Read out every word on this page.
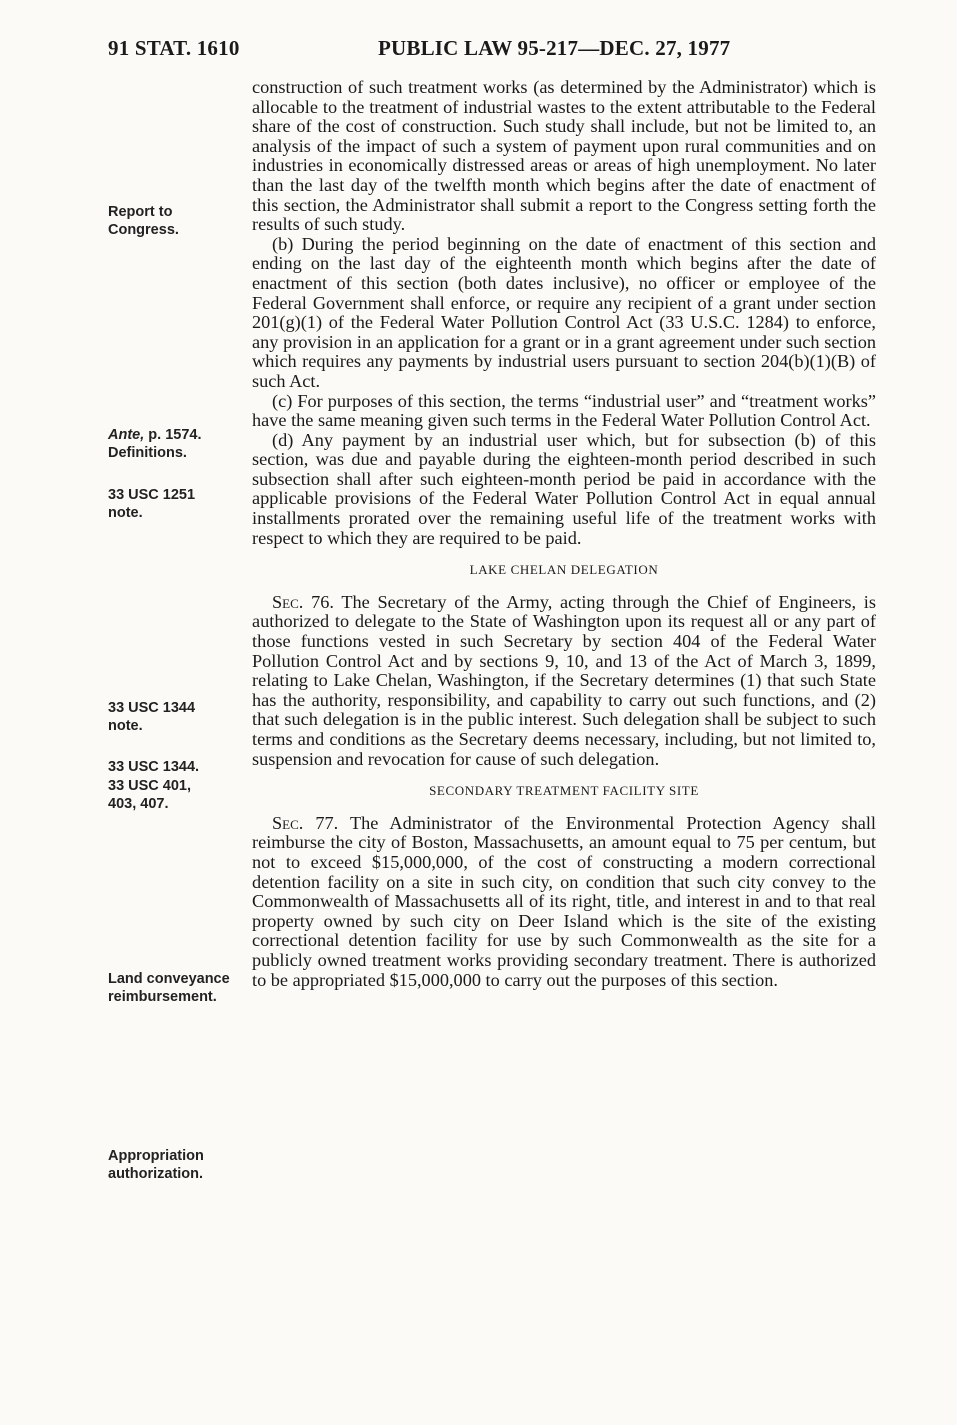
91 STAT. 1610	PUBLIC LAW 95-217—DEC. 27, 1977
Report to
Congress.
Ante, p. 1574.
Definitions.
33 USC 1251
note.
33 USC 1344
note.
33 USC 1344.
33 USC 401,
403, 407.
Land conveyance
reimbursement.
Appropriation
authorization.

construction of such treatment works (as determined by the Administrator) which is allocable to the treatment of industrial wastes to the extent attributable to the Federal share of the cost of construction. Such study shall include, but not be limited to, an analysis of the impact of such a system of payment upon rural communities and on industries in economically distressed areas or areas of high unemployment. No later than the last day of the twelfth month which begins after the date of enactment of this section, the Administrator shall submit a report to the Congress setting forth the results of such study.

(b) During the period beginning on the date of enactment of this section and ending on the last day of the eighteenth month which begins after the date of enactment of this section (both dates inclusive), no officer or employee of the Federal Government shall enforce, or require any recipient of a grant under section 201(g)(1) of the Federal Water Pollution Control Act (33 U.S.C. 1284) to enforce, any provision in an application for a grant or in a grant agreement under such section which requires any payments by industrial users pursuant to section 204(b)(1)(B) of such Act.

(c) For purposes of this section, the terms “industrial user” and “treatment works” have the same meaning given such terms in the Federal Water Pollution Control Act.

(d) Any payment by an industrial user which, but for subsection (b) of this section, was due and payable during the eighteen-month period described in such subsection shall after such eighteen-month period be paid in accordance with the applicable provisions of the Federal Water Pollution Control Act in equal annual installments prorated over the remaining useful life of the treatment works with respect to which they are required to be paid.

LAKE CHELAN DELEGATION

Sec. 76. The Secretary of the Army, acting through the Chief of Engineers, is authorized to delegate to the State of Washington upon its request all or any part of those functions vested in such Secretary by section 404 of the Federal Water Pollution Control Act and by sections 9, 10, and 13 of the Act of March 3, 1899, relating to Lake Chelan, Washington, if the Secretary determines (1) that such State has the authority, responsibility, and capability to carry out such functions, and (2) that such delegation is in the public interest. Such delegation shall be subject to such terms and conditions as the Secretary deems necessary, including, but not limited to, suspension and revocation for cause of such delegation.

SECONDARY TREATMENT FACILITY SITE

Sec. 77. The Administrator of the Environmental Protection Agency shall reimburse the city of Boston, Massachusetts, an amount equal to 75 per centum, but not to exceed $15,000,000, of the cost of constructing a modern correctional detention facility on a site in such city, on condition that such city convey to the Commonwealth of Massachusetts all of its right, title, and interest in and to that real property owned by such city on Deer Island which is the site of the existing correctional detention facility for use by such Commonwealth as the site for a publicly owned treatment works providing secondary treatment. There is authorized to be appropriated $15,000,000 to carry out the purposes of this section.
